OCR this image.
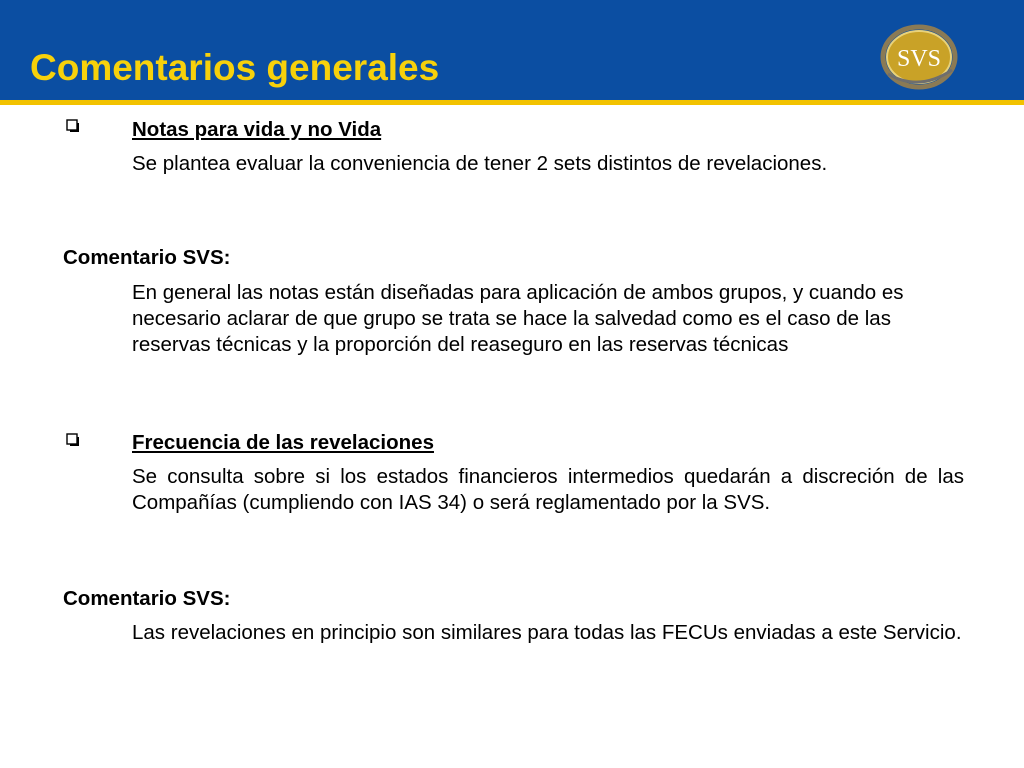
Comentarios generales	SVS
Notas para vida y no Vida
Se plantea evaluar la conveniencia de tener 2 sets distintos de revelaciones.
Comentario SVS:
En general las notas están diseñadas para aplicación de ambos grupos, y cuando es necesario aclarar de que grupo se trata se hace la salvedad como es el caso de las reservas técnicas y la proporción del reaseguro en las reservas técnicas
Frecuencia de las revelaciones
Se consulta sobre si los estados financieros intermedios quedarán a discreción de las Compañías (cumpliendo con IAS 34) o será reglamentado por la SVS.
Comentario SVS:
Las revelaciones en principio son similares para todas las FECUs enviadas a este Servicio.
